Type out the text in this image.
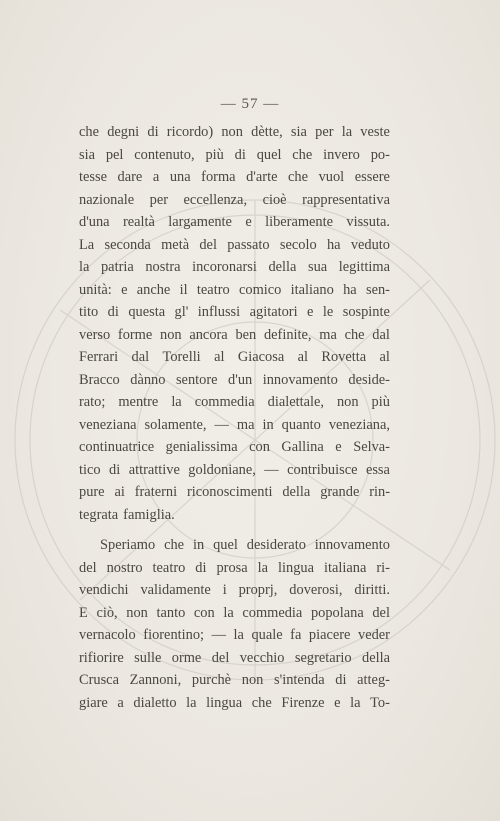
— 57 —
che degni di ricordo) non dètte, sia per la veste
sia pel contenuto, più di quel che invero po-
tesse dare a una forma d'arte che vuol essere
nazionale per eccellenza, cioè rappresentativa
d'una realtà largamente e liberamente vissuta.
La seconda metà del passato secolo ha veduto
la patria nostra incoronarsi della sua legittima
unità: e anche il teatro comico italiano ha sen-
tito di questa gl' influssi agitatori e le sospinte
verso forme non ancora ben definite, ma che dal
Ferrari dal Torelli al Giacosa al Rovetta al
Bracco dànno sentore d'un innovamento deside-
rato; mentre la commedia dialettale, non più
veneziana solamente, — ma in quanto veneziana,
continuatrice genialissima con Gallina e Selva-
tico di attrattive goldoniane, — contribuisce essa
pure ai fraterni riconoscimenti della grande rin-
tegrata famiglia.
Speriamo che in quel desiderato innovamento
del nostro teatro di prosa la lingua italiana ri-
vendichi validamente i proprj, doverosi, diritti.
E ciò, non tanto con la commedia popolana del
vernacolo fiorentino; — la quale fa piacere veder
rifiorire sulle orme del vecchio segretario della
Crusca Zannoni, purchè non s'intenda di atteg-
giare a dialetto la lingua che Firenze e la To-
